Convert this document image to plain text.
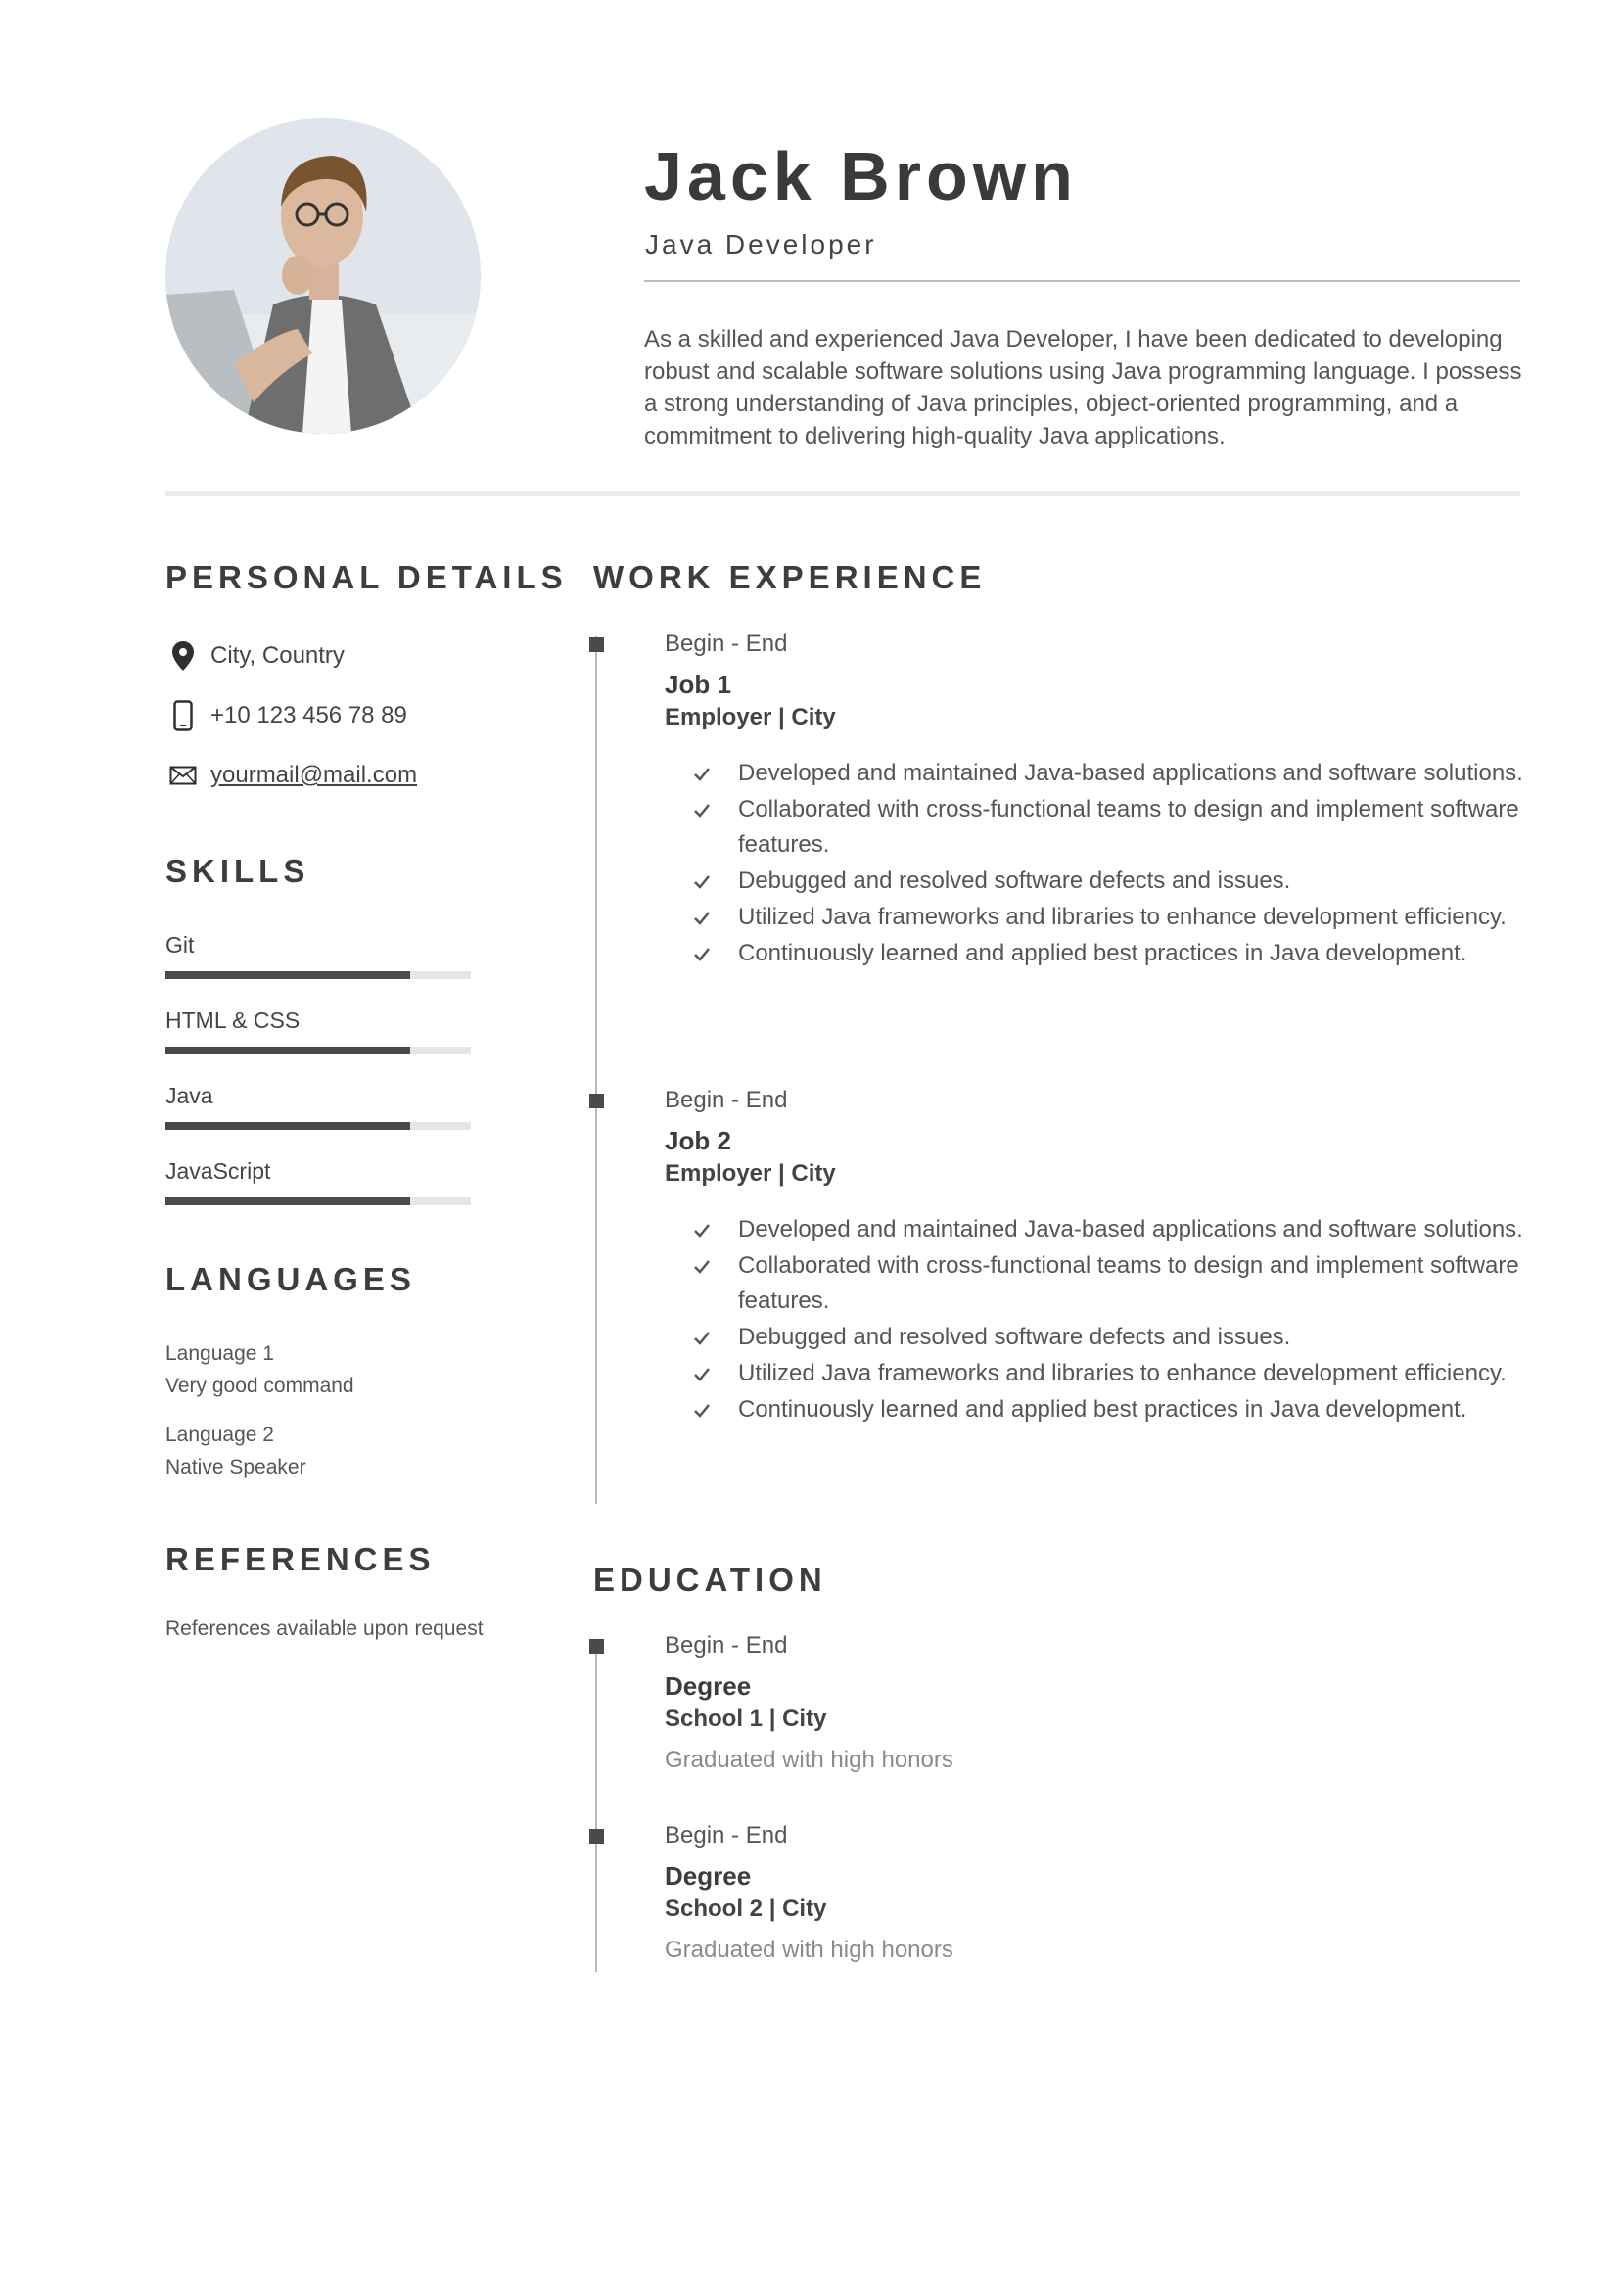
Jack Brown
Java Developer

As a skilled and experienced Java Developer, I have been dedicated to developing robust and scalable software solutions using Java programming language. I possess a strong understanding of Java principles, object-oriented programming, and a commitment to delivering high-quality Java applications.

PERSONAL DETAILS
City, Country
+10 123 456 78 89
yourmail@mail.com
SKILLS
Git
HTML & CSS
Java
JavaScript
LANGUAGES
Language 1
Very good command
Language 2
Native Speaker
REFERENCES
References available upon request
WORK EXPERIENCE
Begin - End
Job 1
Employer | City
Developed and maintained Java-based applications and software solutions.
Collaborated with cross-functional teams to design and implement software features.
Debugged and resolved software defects and issues.
Utilized Java frameworks and libraries to enhance development efficiency.
Continuously learned and applied best practices in Java development.
Begin - End
Job 2
Employer | City
Developed and maintained Java-based applications and software solutions.
Collaborated with cross-functional teams to design and implement software features.
Debugged and resolved software defects and issues.
Utilized Java frameworks and libraries to enhance development efficiency.
Continuously learned and applied best practices in Java development.
EDUCATION
Begin - End
Degree
School 1 | City
Graduated with high honors
Begin - End
Degree
School 2 | City
Graduated with high honors
